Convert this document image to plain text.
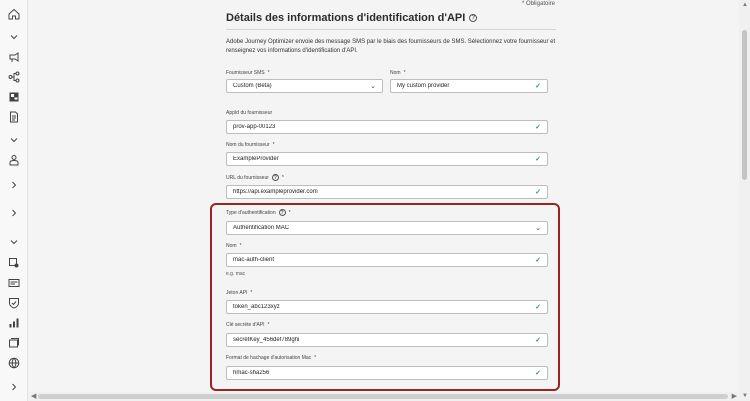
▲
▼
◀	▶
* Obligatoire
Détails des informations d'identification d'API	?
Adobe Journey Optimizer envoie des message SMS par le biais des fournisseurs de SMS. Sélectionnez votre fournisseur et renseignez vos informations d'identification d'API.
Fournisseur SMS *
Custom (Beta)	⌄
Nom *
My custom provider	✓
AppId du fournisseur
prov-app-00123	✓
Nom du fournisseur *
ExampleProvider	✓
URL du fournisseur ? *
https://api.exampleprovider.com	✓
Type d'authentification ? *
Authentification MAC	⌄
Nom *
mac-auth-client	✓
e.g. mac
Jeton API *
token_abc123xyz	✓
Clé secrète d'API *
secretKey_456def789ghi	✓
Format de hachage d'autorisation Mac *
hmac-sha256	✓
